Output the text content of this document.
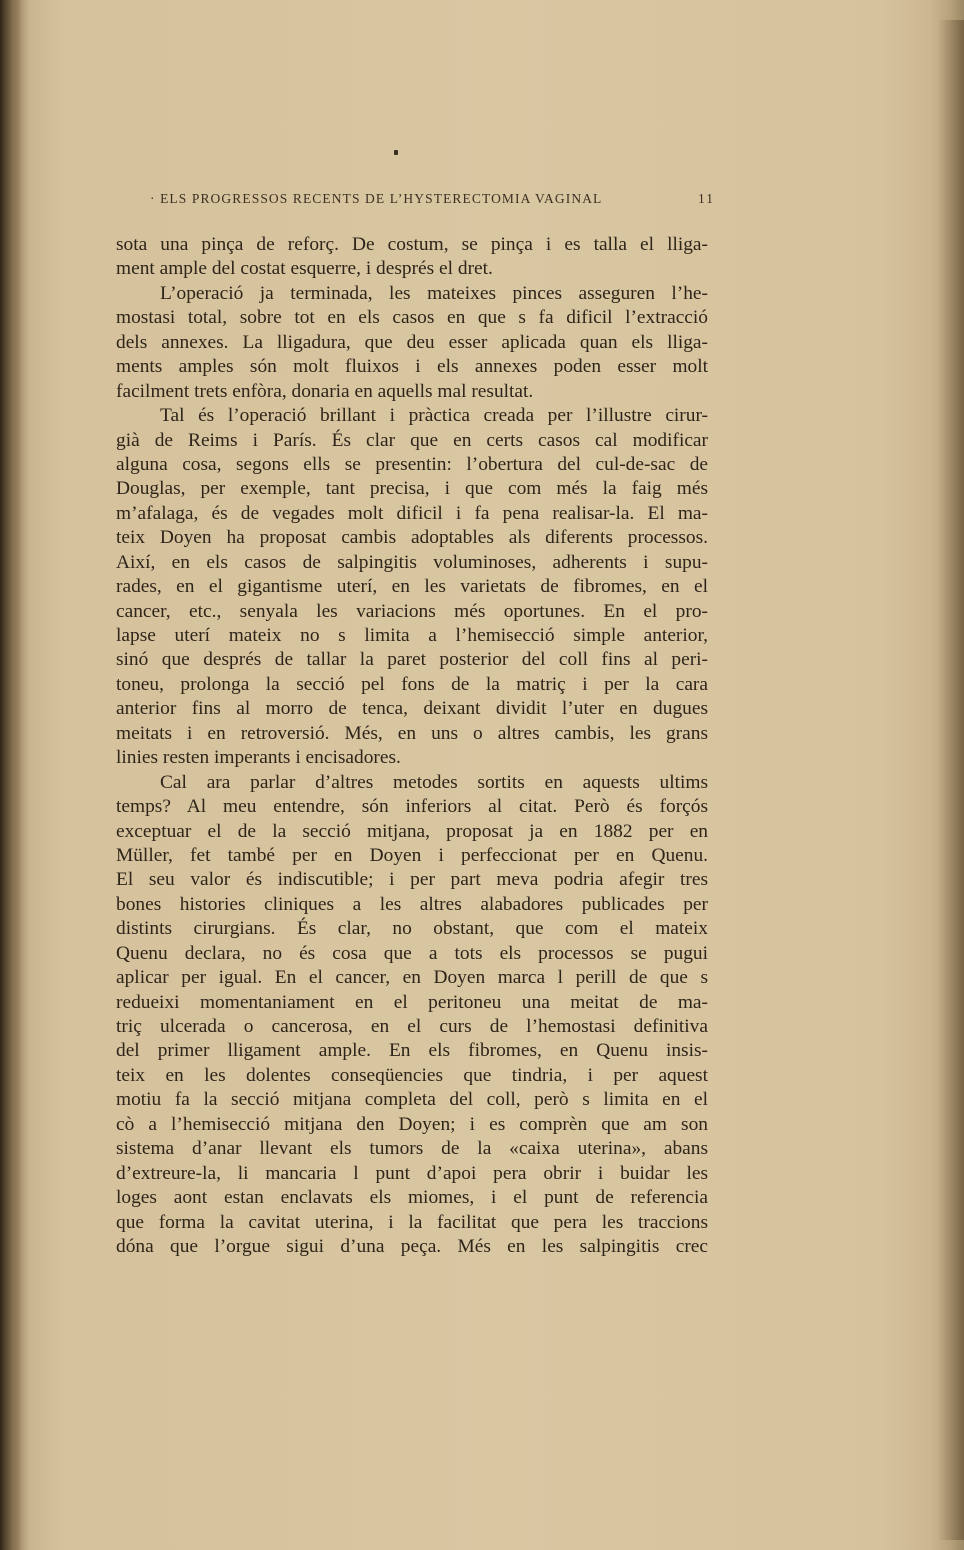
· ELS PROGRESSOS RECENTS DE L’HYSTERECTOMIA VAGINAL	11
sota una pinça de reforç. De costum, se pinça i es talla el lliga-
ment ample del costat esquerre, i després el dret.
L’operació ja terminada, les mateixes pinces asseguren l’he-
mostasi total, sobre tot en els casos en que s fa dificil l’extracció
dels annexes. La lligadura, que deu esser aplicada quan els lliga-
ments amples són molt fluixos i els annexes poden esser molt
facilment trets enfòra, donaria en aquells mal resultat.
Tal és l’operació brillant i pràctica creada per l’illustre cirur-
già de Reims i París. És clar que en certs casos cal modificar
alguna cosa, segons ells se presentin: l’obertura del cul-de-sac de
Douglas, per exemple, tant precisa, i que com més la faig més
m’afalaga, és de vegades molt dificil i fa pena realisar-la. El ma-
teix Doyen ha proposat cambis adoptables als diferents processos.
Així, en els casos de salpingitis voluminoses, adherents i supu-
rades, en el gigantisme uterí, en les varietats de fibromes, en el
cancer, etc., senyala les variacions més oportunes. En el pro-
lapse uterí mateix no s limita a l’hemisecció simple anterior,
sinó que després de tallar la paret posterior del coll fins al peri-
toneu, prolonga la secció pel fons de la matriç i per la cara
anterior fins al morro de tenca, deixant dividit l’uter en dugues
meitats i en retroversió. Més, en uns o altres cambis, les grans
linies resten imperants i encisadores.
Cal ara parlar d’altres metodes sortits en aquests ultims
temps? Al meu entendre, són inferiors al citat. Però és forçós
exceptuar el de la secció mitjana, proposat ja en 1882 per en
Müller, fet també per en Doyen i perfeccionat per en Quenu.
El seu valor és indiscutible; i per part meva podria afegir tres
bones histories cliniques a les altres alabadores publicades per
distints cirurgians. És clar, no obstant, que com el mateix
Quenu declara, no és cosa que a tots els processos se pugui
aplicar per igual. En el cancer, en Doyen marca l perill de que s
redueixi momentaniament en el peritoneu una meitat de ma-
triç ulcerada o cancerosa, en el curs de l’hemostasi definitiva
del primer lligament ample. En els fibromes, en Quenu insis-
teix en les dolentes conseqüencies que tindria, i per aquest
motiu fa la secció mitjana completa del coll, però s limita en el
cò a l’hemisecció mitjana den Doyen; i es comprèn que am son
sistema d’anar llevant els tumors de la «caixa uterina», abans
d’extreure-la, li mancaria l punt d’apoi pera obrir i buidar les
loges aont estan enclavats els miomes, i el punt de referencia
que forma la cavitat uterina, i la facilitat que pera les traccions
dóna que l’orgue sigui d’una peça. Més en les salpingitis crec
